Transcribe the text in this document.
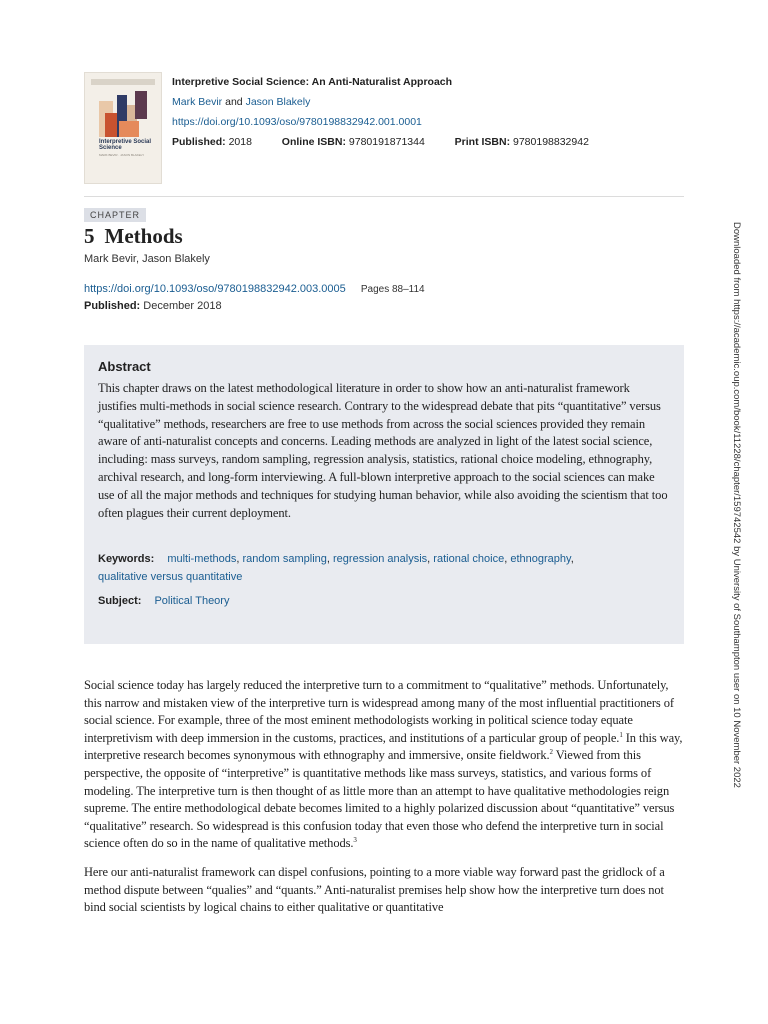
Interpretive Social Science
MARK BEVIR · JASON BLAKELY
Interpretive Social Science: An Anti-Naturalist Approach
Mark Bevir and Jason Blakely
https://doi.org/10.1093/oso/9780198832942.001.0001
Published: 2018	Online ISBN: 9780191871344	Print ISBN: 9780198832942
CHAPTER
5 Methods
Mark Bevir, Jason Blakely
https://doi.org/10.1093/oso/9780198832942.003.0005 Pages 88–114
Published: December 2018
Abstract

This chapter draws on the latest methodological literature in order to show how an anti-naturalist framework justifies multi-methods in social science research. Contrary to the widespread debate that pits “quantitative” versus “qualitative” methods, researchers are free to use methods from across the social sciences provided they remain aware of anti-naturalist concepts and concerns. Leading methods are analyzed in light of the latest social science, including: mass surveys, random sampling, regression analysis, statistics, rational choice modeling, ethnography, archival research, and long-form interviewing. A full-blown interpretive approach to the social sciences can make use of all the major methods and techniques for studying human behavior, while also avoiding the scientism that too often plagues their current deployment.

Keywords: multi-methods, random sampling, regression analysis, rational choice, ethnography,
qualitative versus quantitative
Subject: Political Theory

Social science today has largely reduced the interpretive turn to a commitment to “qualitative” methods. Unfortunately, this narrow and mistaken view of the interpretive turn is widespread among many of the most influential practitioners of social science. For example, three of the most eminent methodologists working in political science today equate interpretivism with deep immersion in the customs, practices, and institutions of a particular group of people.$^1$ In this way, interpretive research becomes synonymous with ethnography and immersive, onsite fieldwork.$^2$ Viewed from this perspective, the opposite of “interpretive” is quantitative methods like mass surveys, statistics, and various forms of modeling. The interpretive turn is then thought of as little more than an attempt to have qualitative methodologies reign supreme. The entire methodological debate becomes limited to a highly polarized discussion about “quantitative” versus “qualitative” research. So widespread is this confusion today that even those who defend the interpretive turn in social science often do so in the name of qualitative methods.$^3$

Here our anti-naturalist framework can dispel confusions, pointing to a more viable way forward past the gridlock of a method dispute between “qualies” and “quants.” Anti-naturalist premises help show how the interpretive turn does not bind social scientists by logical chains to either qualitative or quantitative

Downloaded from https://academic.oup.com/book/11228/chapter/159742542 by University of Southampton user on 10 November 2022
